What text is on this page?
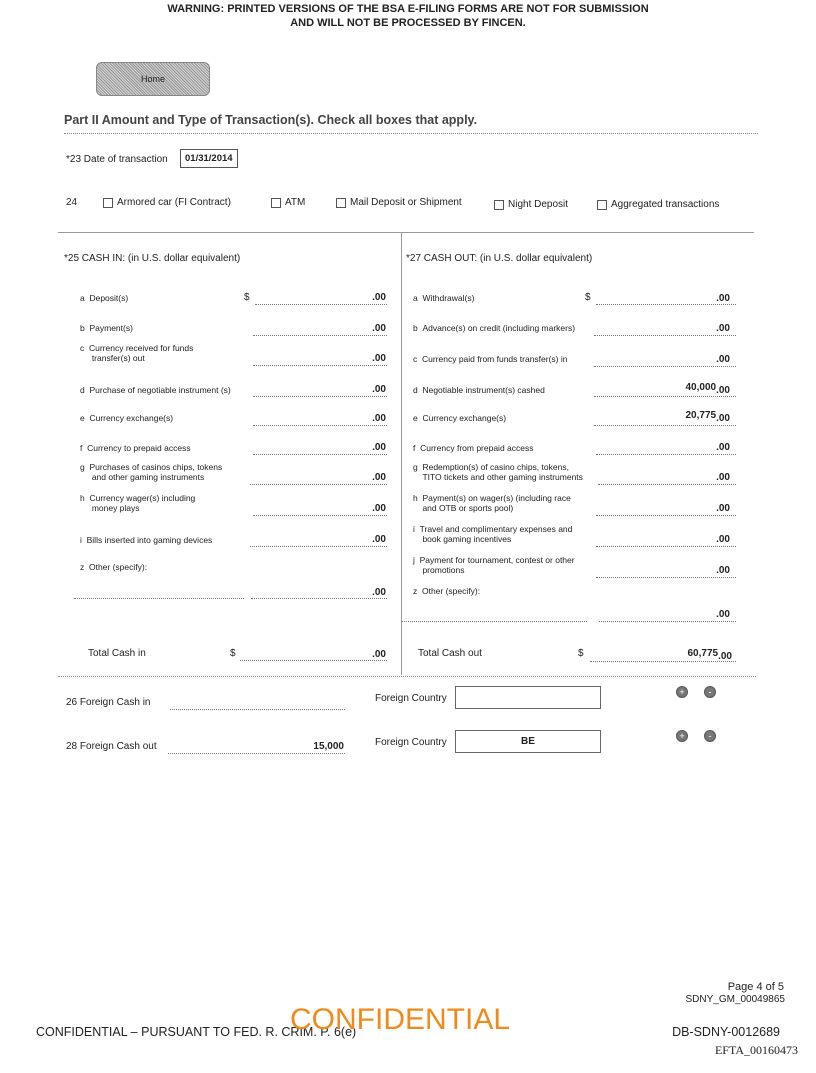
WARNING: PRINTED VERSIONS OF THE BSA E-FILING FORMS ARE NOT FOR SUBMISSION
AND WILL NOT BE PROCESSED BY FINCEN.
Home
Part II Amount and Type of Transaction(s). Check all boxes that apply.
*23 Date of transaction	01/31/2014
24	Armored car (FI Contract)	ATM	Mail Deposit or Shipment	Night Deposit	Aggregated transactions
*25 CASH IN: (in U.S. dollar equivalent)
a Deposit(s)	$	.00
b Payment(s)	.00
c Currency received for funds
transfer(s) out	.00
d Purchase of negotiable instrument (s)	.00
e Currency exchange(s)	.00
f Currency to prepaid access	.00
g Purchases of casinos chips, tokens
and other gaming instruments	.00
h Currency wager(s) including
money plays	.00
i Bills inserted into gaming devices	.00
z Other (specify):
.00
Total Cash in	$	.00
*27 CASH OUT: (in U.S. dollar equivalent)
a Withdrawal(s)	$	.00
b Advance(s) on credit (including markers)	.00
c Currency paid from funds transfer(s) in	.00
d Negotiable instrument(s) cashed	40,000.00
e Currency exchange(s)	20,775.00
f Currency from prepaid access	.00
g Redemption(s) of casino chips, tokens,
TITO tickets and other gaming instruments	.00
h Payment(s) on wager(s) (including race
and OTB or sports pool)	.00
i Travel and complimentary expenses and
book gaming incentives	.00
j Payment for tournament, contest or other
promotions	.00
z Other (specify):
.00
Total Cash out	$	60,775.00
26 Foreign Cash in	Foreign Country
+	-
28 Foreign Cash out	15,000	Foreign Country	BE	+	-
Page 4 of 5
SDNY_GM_00049865
CONFIDENTIAL – PURSUANT TO FED. R. CRIM. P. 6(e)
CONFIDENTIAL	DB-SDNY-0012689
EFTA_00160473
